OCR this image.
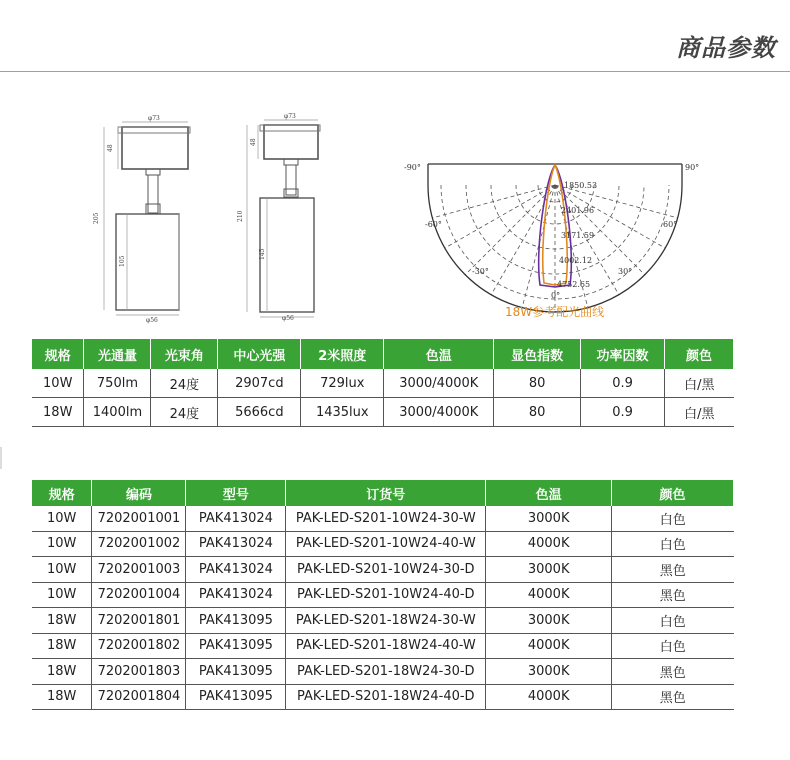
商品参数
φ73
48
205
105
φ56
φ73
48
210
145
φ56
-90°	90°
-60°	60°
-30°	30°
0°
1850.53
2401.96
3171.59
4002.12
4752.65
18W参考配光曲线
规格	光通量	光束角	中心光强	2米照度	色温	显色指数	功率因数	颜色
10W	750lm	24度	2907cd	729lux	3000/4000K	80	0.9	白/黑
18W	1400lm	24度	5666cd	1435lux	3000/4000K	80	0.9	白/黑
规格	编码	型号	订货号	色温	颜色
10W	7202001001	PAK413024	PAK-LED-S201-10W24-30-W	3000K	白色
10W	7202001002	PAK413024	PAK-LED-S201-10W24-40-W	4000K	白色
10W	7202001003	PAK413024	PAK-LED-S201-10W24-30-D	3000K	黑色
10W	7202001004	PAK413024	PAK-LED-S201-10W24-40-D	4000K	黑色
18W	7202001801	PAK413095	PAK-LED-S201-18W24-30-W	3000K	白色
18W	7202001802	PAK413095	PAK-LED-S201-18W24-40-W	4000K	白色
18W	7202001803	PAK413095	PAK-LED-S201-18W24-30-D	3000K	黑色
18W	7202001804	PAK413095	PAK-LED-S201-18W24-40-D	4000K	黑色
